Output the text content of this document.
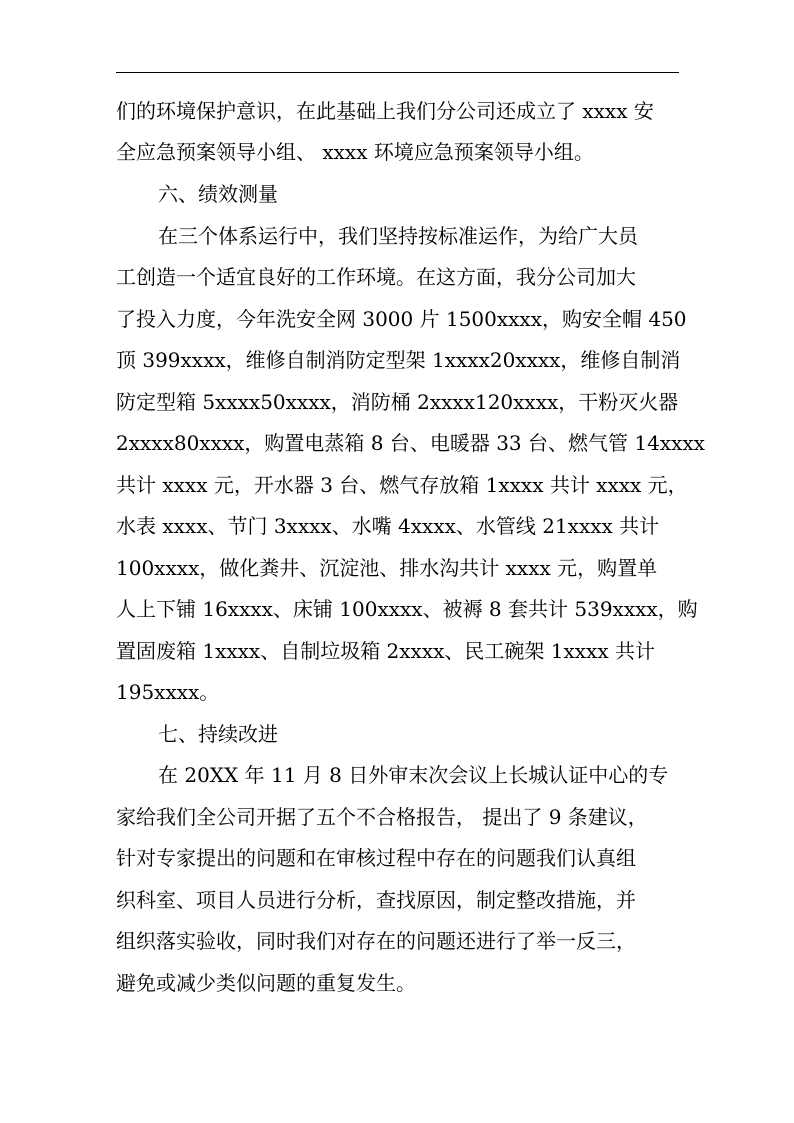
们的环境保护意识，在此基础上我们分公司还成立了 xxxx 安
全应急预案领导小组、 xxxx 环境应急预案领导小组。
六、绩效测量
在三个体系运行中，我们坚持按标准运作，为给广大员
工创造一个适宜良好的工作环境。在这方面，我分公司加大
了投入力度，今年洗安全网 3000 片 1500xxxx，购安全帽 450
顶 399xxxx，维修自制消防定型架 1xxxx20xxxx，维修自制消
防定型箱 5xxxx50xxxx，消防桶 2xxxx120xxxx，干粉灭火器
2xxxx80xxxx，购置电蒸箱 8 台、电暖器 33 台、燃气管 14xxxx
共计 xxxx 元，开水器 3 台、燃气存放箱 1xxxx 共计 xxxx 元，
水表 xxxx、节门 3xxxx、水嘴 4xxxx、水管线 21xxxx 共计
100xxxx，做化粪井、沉淀池、排水沟共计 xxxx 元，购置单
人上下铺 16xxxx、床铺 100xxxx、被褥 8 套共计 539xxxx，购
置固废箱 1xxxx、自制垃圾箱 2xxxx、民工碗架 1xxxx 共计
195xxxx。
七、持续改进
在 20XX 年 11 月 8 日外审末次会议上长城认证中心的专
家给我们全公司开据了五个不合格报告， 提出了 9 条建议，
针对专家提出的问题和在审核过程中存在的问题我们认真组
织科室、项目人员进行分析，查找原因，制定整改措施，并
组织落实验收，同时我们对存在的问题还进行了举一反三，
避免或减少类似问题的重复发生。
